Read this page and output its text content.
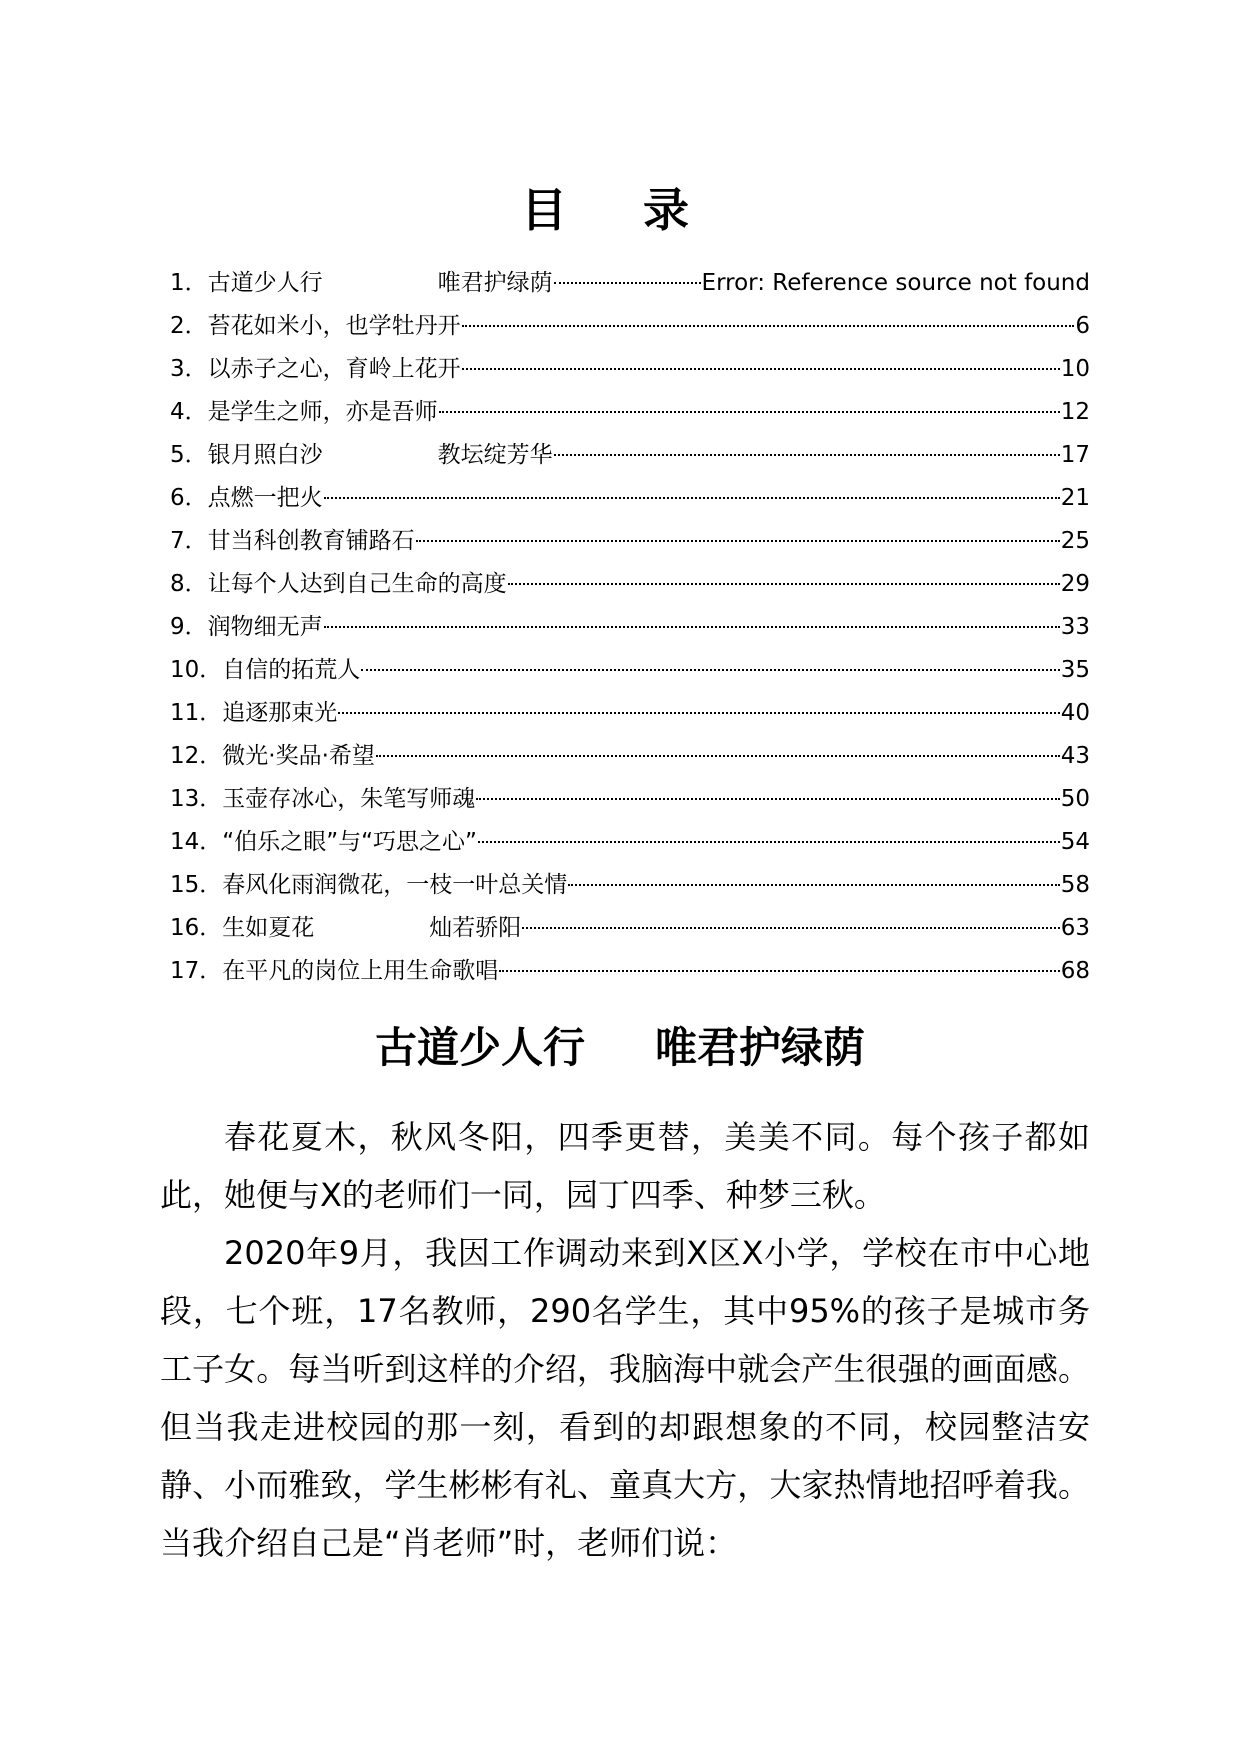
目 录
1． 古道少人行	唯君护绿荫	Error: Reference source not found
2． 苔花如米小，也学牡丹开	6
3． 以赤子之心，育岭上花开	10
4． 是学生之师，亦是吾师	12
5． 银月照白沙	教坛绽芳华	17
6． 点燃一把火	21
7． 甘当科创教育铺路石	25
8． 让每个人达到自己生命的高度	29
9． 润物细无声	33
10． 自信的拓荒人	35
11． 追逐那束光	40
12． 微光·奖品·希望	43
13． 玉壶存冰心，朱笔写师魂	50
14． “伯乐之眼”与“巧思之心”	54
15． 春风化雨润微花，一枝一叶总关情	58
16． 生如夏花	灿若骄阳	63
17． 在平凡的岗位上用生命歌唱	68
古道少人行 唯君护绿荫

春花夏木，秋风冬阳，四季更替，美美不同。每个孩子都如此，她便与X的老师们一同，园丁四季、种梦三秋。

2020年9月，我因工作调动来到X区X小学，学校在市中心地段，七个班，17名教师，290名学生，其中95%的孩子是城市务工子女。每当听到这样的介绍，我脑海中就会产生很强的画面感。但当我走进校园的那一刻，看到的却跟想象的不同，校园整洁安静、小而雅致，学生彬彬有礼、童真大方，大家热情地招呼着我。当我介绍自己是“肖老师”时，老师们说：
